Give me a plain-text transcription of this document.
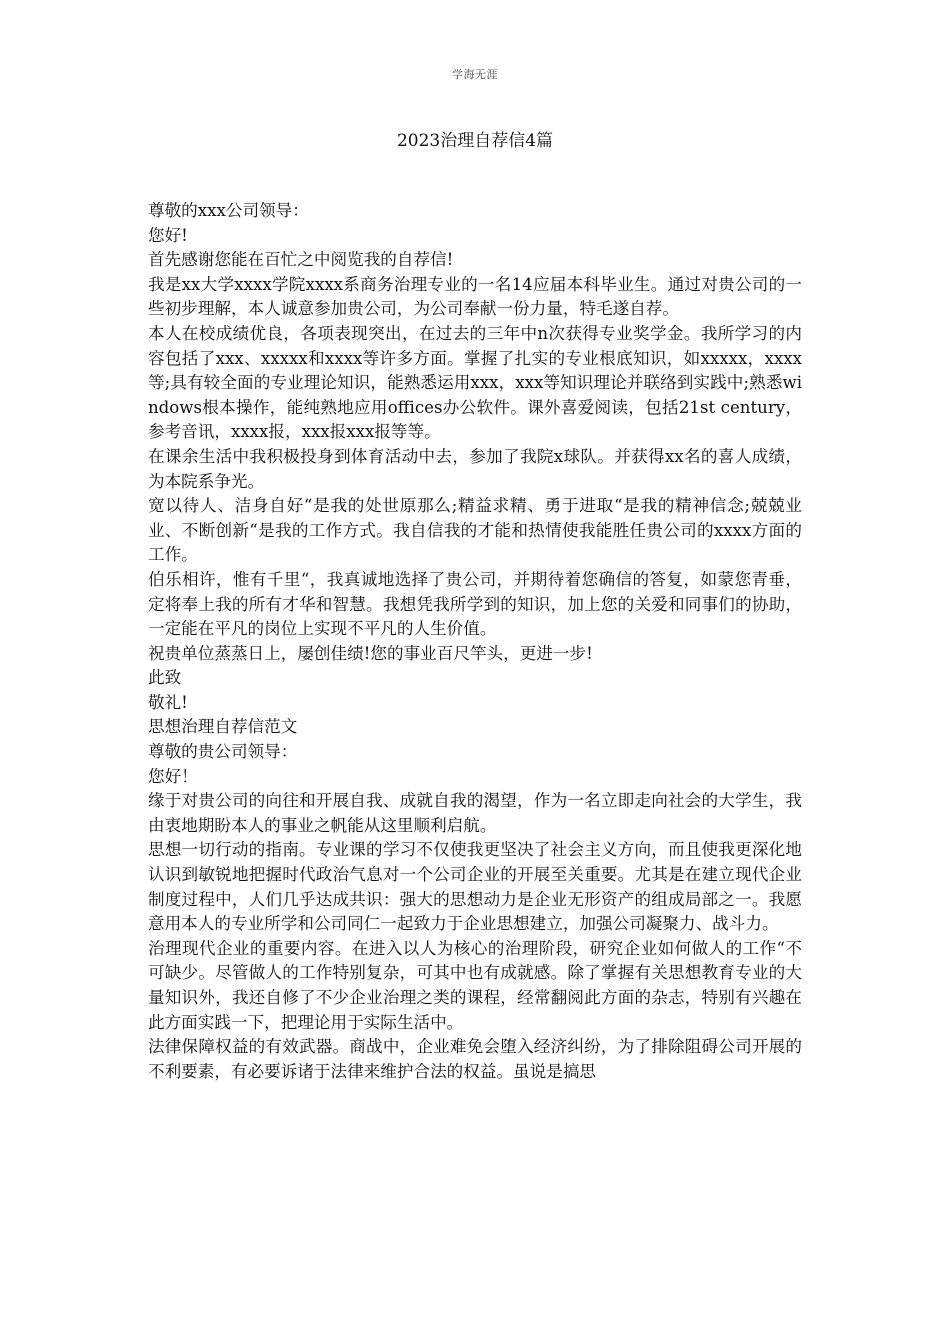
学海无涯
2023治理自荐信4篇

尊敬的xxx公司领导：

您好!

首先感谢您能在百忙之中阅览我的自荐信!

我是xx大学xxxx学院xxxx系商务治理专业的一名14应届本科毕业生。通过对贵公司的一些初步理解，本人诚意参加贵公司，为公司奉献一份力量，特毛遂自荐。

本人在校成绩优良，各项表现突出，在过去的三年中n次获得专业奖学金。我所学习的内容包括了xxx、xxxxx和xxxx等许多方面。掌握了扎实的专业根底知识，如xxxxx，xxxx等;具有较全面的专业理论知识，能熟悉运用xxx，xxx等知识理论并联络到实践中;熟悉windows根本操作，能纯熟地应用offices办公软件。课外喜爱阅读，包括21st century，参考音讯，xxxx报，xxx报xxx报等等。

在课余生活中我积极投身到体育活动中去，参加了我院x球队。并获得xx名的喜人成绩，为本院系争光。

宽以待人、洁身自好“是我的处世原那么;精益求精、勇于进取“是我的精神信念;兢兢业业、不断创新“是我的工作方式。我自信我的才能和热情使我能胜任贵公司的xxxx方面的工作。

伯乐相许，惟有千里“，我真诚地选择了贵公司，并期待着您确信的答复，如蒙您青垂，定将奉上我的所有才华和智慧。我想凭我所学到的知识，加上您的关爱和同事们的协助，一定能在平凡的岗位上实现不平凡的人生价值。

祝贵单位蒸蒸日上，屡创佳绩!您的事业百尺竿头，更进一步!

此致

敬礼!

思想治理自荐信范文

尊敬的贵公司领导：

您好！

缘于对贵公司的向往和开展自我、成就自我的渴望，作为一名立即走向社会的大学生，我由衷地期盼本人的事业之帆能从这里顺利启航。

思想一切行动的指南。专业课的学习不仅使我更坚决了社会主义方向，而且使我更深化地认识到敏锐地把握时代政治气息对一个公司企业的开展至关重要。尤其是在建立现代企业制度过程中，人们几乎达成共识：强大的思想动力是企业无形资产的组成局部之一。我愿意用本人的专业所学和公司同仁一起致力于企业思想建立，加强公司凝聚力、战斗力。

治理现代企业的重要内容。在进入以人为核心的治理阶段，研究企业如何做人的工作“不可缺少。尽管做人的工作特别复杂，可其中也有成就感。除了掌握有关思想教育专业的大量知识外，我还自修了不少企业治理之类的课程，经常翻阅此方面的杂志，特别有兴趣在此方面实践一下，把理论用于实际生活中。

法律保障权益的有效武器。商战中，企业难免会堕入经济纠纷，为了排除阻碍公司开展的不利要素，有必要诉诸于法律来维护合法的权益。虽说是搞思
